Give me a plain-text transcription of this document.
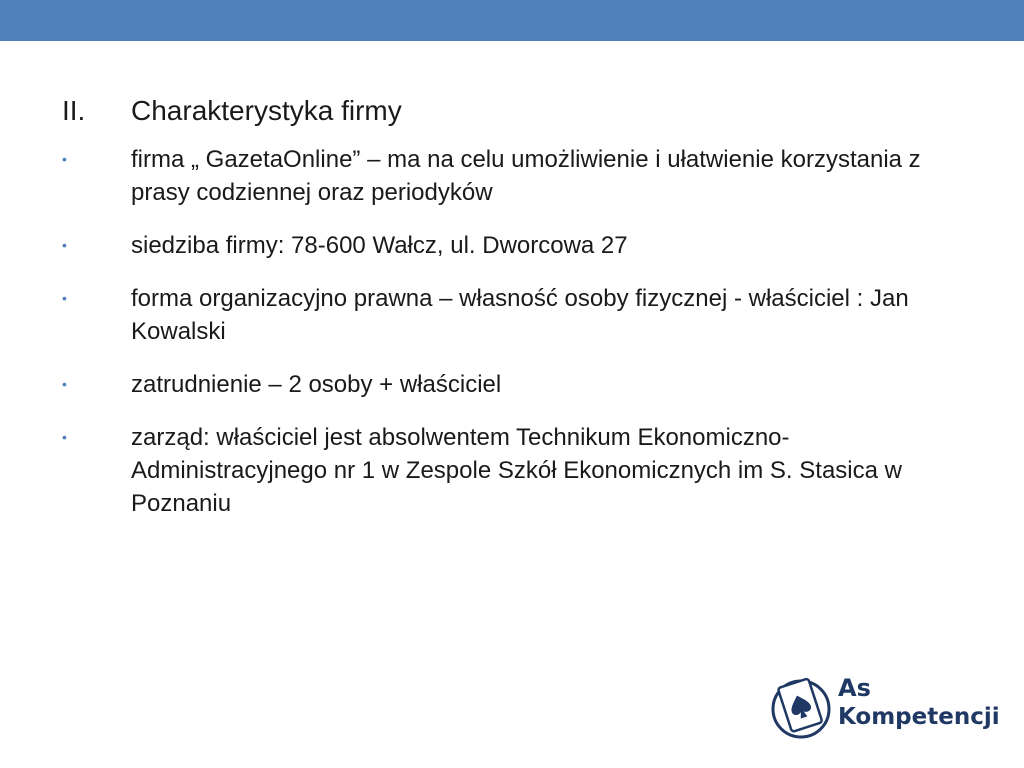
II.	Charakterystyka firmy
•	firma „ GazetaOnline” – ma na celu umożliwienie i ułatwienie korzystania z prasy codziennej oraz periodyków
•	siedziba firmy: 78-600 Wałcz, ul. Dworcowa 27
•	forma organizacyjno prawna – własność osoby fizycznej - właściciel : Jan Kowalski
•	zatrudnienie – 2 osoby + właściciel
•	zarząd: właściciel jest absolwentem Technikum Ekonomiczno-Administracyjnego nr 1 w Zespole Szkół Ekonomicznych im S. Stasica w Poznaniu
As
Kompetencji
